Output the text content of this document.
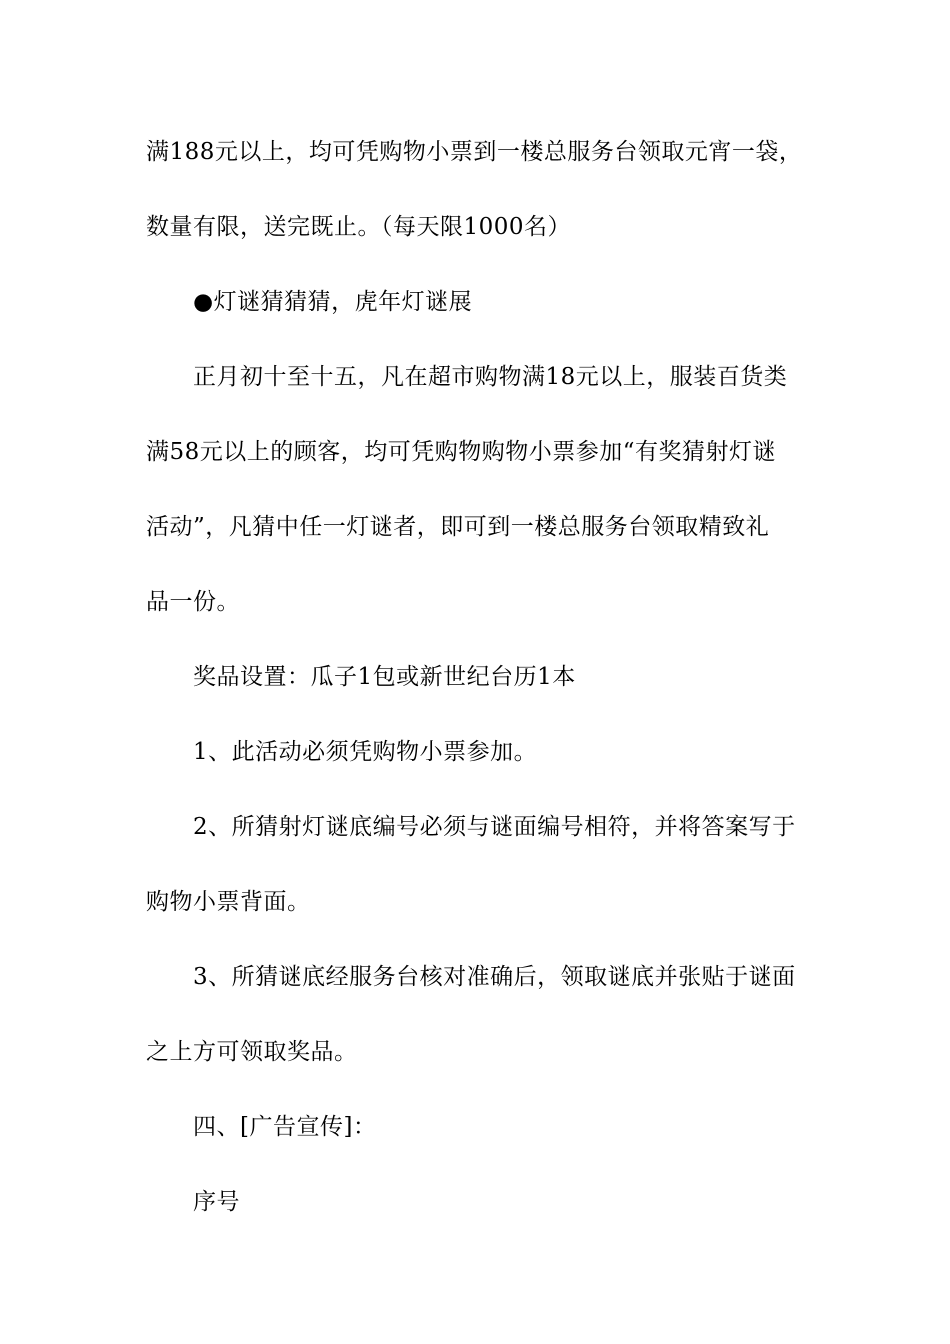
满188元以上，均可凭购物小票到一楼总服务台领取元宵一袋，
数量有限，送完既止。（每天限1000名）
●灯谜猜猜猜，虎年灯谜展
正月初十至十五，凡在超市购物满18元以上，服装百货类
满58元以上的顾客，均可凭购物购物小票参加“有奖猜射灯谜
活动”，凡猜中任一灯谜者，即可到一楼总服务台领取精致礼
品一份。
奖品设置：瓜子1包或新世纪台历1本
1、此活动必须凭购物小票参加。
2、所猜射灯谜底编号必须与谜面编号相符，并将答案写于
购物小票背面。
3、所猜谜底经服务台核对准确后，领取谜底并张贴于谜面
之上方可领取奖品。
四、[广告宣传]：
序号
